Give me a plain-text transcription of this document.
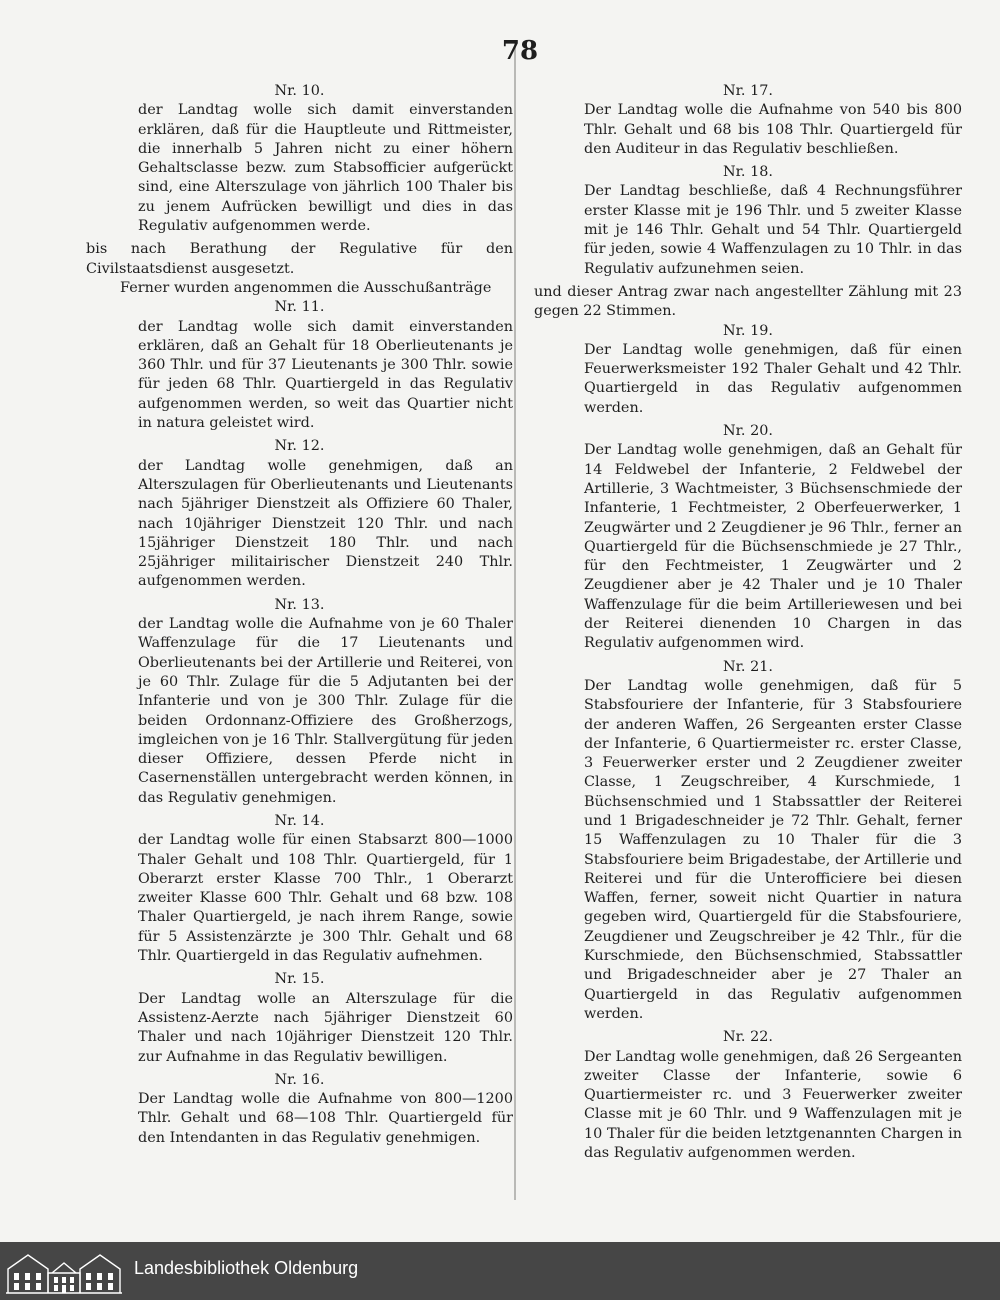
78

Nr. 10.

der Landtag wolle sich damit einverstanden erklären, daß für die Hauptleute und Rittmeister, die innerhalb 5 Jahren nicht zu einer höhern Gehaltsclasse bezw. zum Stabsofficier aufgerückt sind, eine Alterszulage von jährlich 100 Thaler bis zu jenem Aufrücken bewilligt und dies in das Regulativ aufgenommen werde.

bis nach Berathung der Regulative für den Civilstaatsdienst ausgesetzt.

Ferner wurden angenommen die Ausschußanträge

Nr. 11.

der Landtag wolle sich damit einverstanden erklären, daß an Gehalt für 18 Oberlieutenants je 360 Thlr. und für 37 Lieutenants je 300 Thlr. sowie für jeden 68 Thlr. Quartiergeld in das Regulativ aufgenommen werden, so weit das Quartier nicht in natura geleistet wird.

Nr. 12.

der Landtag wolle genehmigen, daß an Alterszulagen für Oberlieutenants und Lieutenants nach 5jähriger Dienstzeit als Offiziere 60 Thaler, nach 10jähriger Dienstzeit 120 Thlr. und nach 15jähriger Dienstzeit 180 Thlr. und nach 25jähriger militairischer Dienstzeit 240 Thlr. aufgenommen werden.

Nr. 13.

der Landtag wolle die Aufnahme von je 60 Thaler Waffenzulage für die 17 Lieutenants und Oberlieutenants bei der Artillerie und Reiterei, von je 60 Thlr. Zulage für die 5 Adjutanten bei der Infanterie und von je 300 Thlr. Zulage für die beiden Ordonnanz-Offiziere des Großherzogs, imgleichen von je 16 Thlr. Stallvergütung für jeden dieser Offiziere, dessen Pferde nicht in Casernenställen untergebracht werden können, in das Regulativ genehmigen.

Nr. 14.

der Landtag wolle für einen Stabsarzt 800—1000 Thaler Gehalt und 108 Thlr. Quartiergeld, für 1 Oberarzt erster Klasse 700 Thlr., 1 Oberarzt zweiter Klasse 600 Thlr. Gehalt und 68 bzw. 108 Thaler Quartiergeld, je nach ihrem Range, sowie für 5 Assistenzärzte je 300 Thlr. Gehalt und 68 Thlr. Quartiergeld in das Regulativ aufnehmen.

Nr. 15.

Der Landtag wolle an Alterszulage für die Assistenz-Aerzte nach 5jähriger Dienstzeit 60 Thaler und nach 10jähriger Dienstzeit 120 Thlr. zur Aufnahme in das Regulativ bewilligen.

Nr. 16.

Der Landtag wolle die Aufnahme von 800—1200 Thlr. Gehalt und 68—108 Thlr. Quartiergeld für den Intendanten in das Regulativ genehmigen.

Nr. 17.

Der Landtag wolle die Aufnahme von 540 bis 800 Thlr. Gehalt und 68 bis 108 Thlr. Quartiergeld für den Auditeur in das Regulativ beschließen.

Nr. 18.

Der Landtag beschließe, daß 4 Rechnungsführer erster Klasse mit je 196 Thlr. und 5 zweiter Klasse mit je 146 Thlr. Gehalt und 54 Thlr. Quartiergeld für jeden, sowie 4 Waffenzulagen zu 10 Thlr. in das Regulativ aufzunehmen seien.

und dieser Antrag zwar nach angestellter Zählung mit 23 gegen 22 Stimmen.

Nr. 19.

Der Landtag wolle genehmigen, daß für einen Feuerwerksmeister 192 Thaler Gehalt und 42 Thlr. Quartiergeld in das Regulativ aufgenommen werden.

Nr. 20.

Der Landtag wolle genehmigen, daß an Gehalt für 14 Feldwebel der Infanterie, 2 Feldwebel der Artillerie, 3 Wachtmeister, 3 Büchsenschmiede der Infanterie, 1 Fechtmeister, 2 Oberfeuerwerker, 1 Zeugwärter und 2 Zeugdiener je 96 Thlr., ferner an Quartiergeld für die Büchsenschmiede je 27 Thlr., für den Fechtmeister, 1 Zeugwärter und 2 Zeugdiener aber je 42 Thaler und je 10 Thaler Waffenzulage für die beim Artilleriewesen und bei der Reiterei dienenden 10 Chargen in das Regulativ aufgenommen wird.

Nr. 21.

Der Landtag wolle genehmigen, daß für 5 Stabsfouriere der Infanterie, für 3 Stabsfouriere der anderen Waffen, 26 Sergeanten erster Classe der Infanterie, 6 Quartiermeister rc. erster Classe, 3 Feuerwerker erster und 2 Zeugdiener zweiter Classe, 1 Zeugschreiber, 4 Kurschmiede, 1 Büchsenschmied und 1 Stabssattler der Reiterei und 1 Brigadeschneider je 72 Thlr. Gehalt, ferner 15 Waffenzulagen zu 10 Thaler für die 3 Stabsfouriere beim Brigadestabe, der Artillerie und Reiterei und für die Unterofficiere bei diesen Waffen, ferner, soweit nicht Quartier in natura gegeben wird, Quartiergeld für die Stabsfouriere, Zeugdiener und Zeugschreiber je 42 Thlr., für die Kurschmiede, den Büchsenschmied, Stabssattler und Brigadeschneider aber je 27 Thaler an Quartiergeld in das Regulativ aufgenommen werden.

Nr. 22.

Der Landtag wolle genehmigen, daß 26 Sergeanten zweiter Classe der Infanterie, sowie 6 Quartiermeister rc. und 3 Feuerwerker zweiter Classe mit je 60 Thlr. und 9 Waffenzulagen mit je 10 Thaler für die beiden letztgenannten Chargen in das Regulativ aufgenommen werden.

Landesbibliothek Oldenburg
